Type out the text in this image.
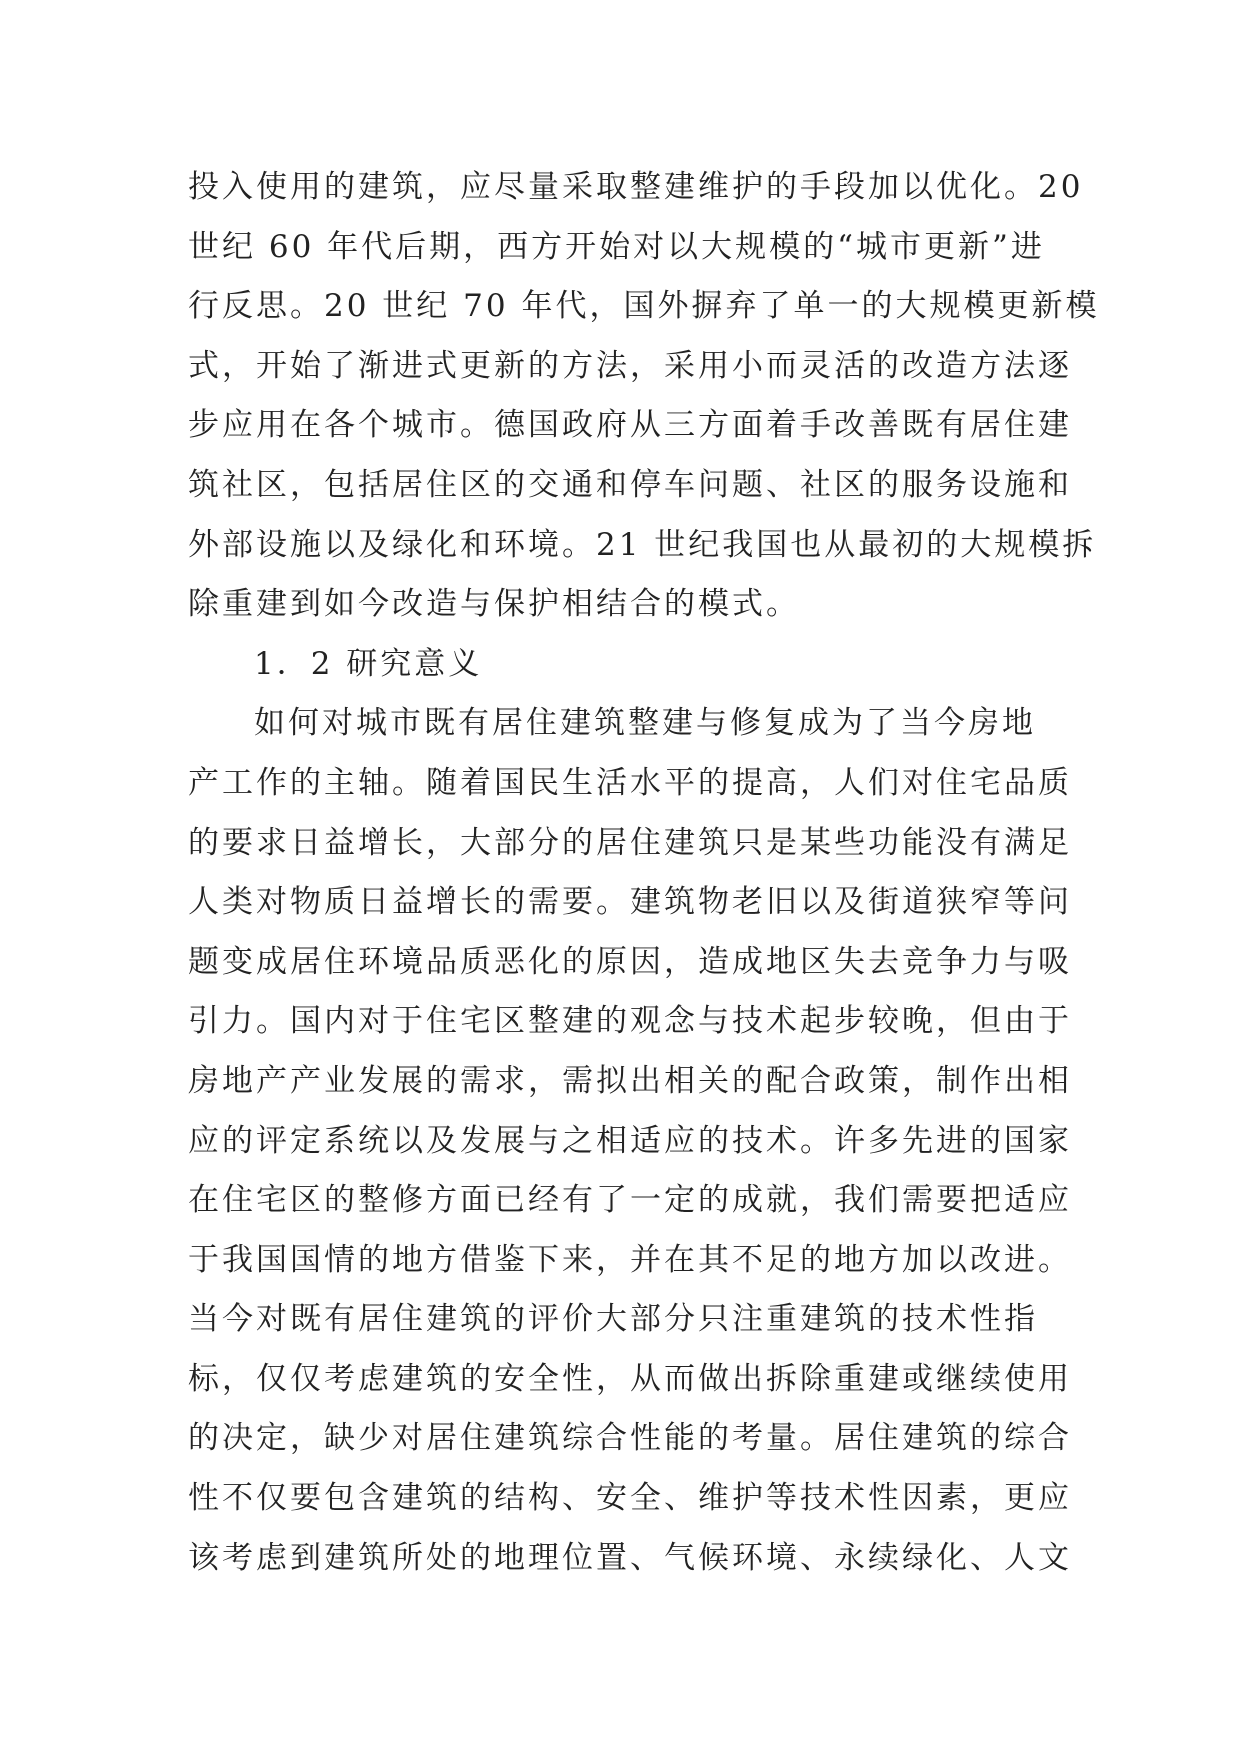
投入使用的建筑，应尽量采取整建维护的手段加以优化。20
世纪 60 年代后期，西方开始对以大规模的“城市更新”进
行反思。20 世纪 70 年代，国外摒弃了单一的大规模更新模
式，开始了渐进式更新的方法，采用小而灵活的改造方法逐
步应用在各个城市。德国政府从三方面着手改善既有居住建
筑社区，包括居住区的交通和停车问题、社区的服务设施和
外部设施以及绿化和环境。21 世纪我国也从最初的大规模拆
除重建到如今改造与保护相结合的模式。
1．2 研究意义
如何对城市既有居住建筑整建与修复成为了当今房地
产工作的主轴。随着国民生活水平的提高，人们对住宅品质
的要求日益增长，大部分的居住建筑只是某些功能没有满足
人类对物质日益增长的需要。建筑物老旧以及街道狭窄等问
题变成居住环境品质恶化的原因，造成地区失去竞争力与吸
引力。国内对于住宅区整建的观念与技术起步较晚，但由于
房地产产业发展的需求，需拟出相关的配合政策，制作出相
应的评定系统以及发展与之相适应的技术。许多先进的国家
在住宅区的整修方面已经有了一定的成就，我们需要把适应
于我国国情的地方借鉴下来，并在其不足的地方加以改进。
当今对既有居住建筑的评价大部分只注重建筑的技术性指
标，仅仅考虑建筑的安全性，从而做出拆除重建或继续使用
的决定，缺少对居住建筑综合性能的考量。居住建筑的综合
性不仅要包含建筑的结构、安全、维护等技术性因素，更应
该考虑到建筑所处的地理位置、气候环境、永续绿化、人文
